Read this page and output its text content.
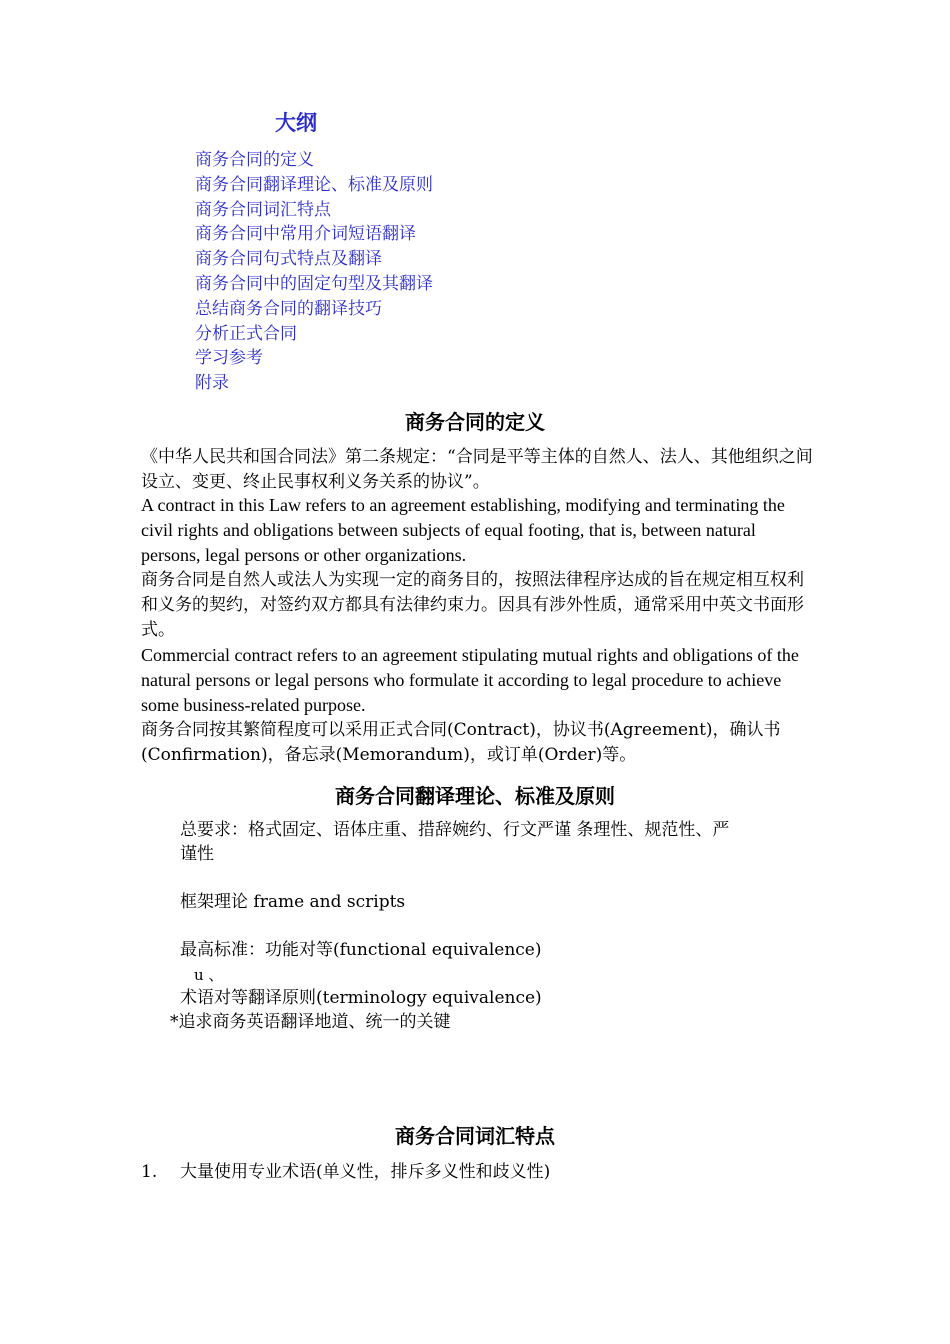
大纲
商务合同的定义
商务合同翻译理论、标准及原则
商务合同词汇特点
商务合同中常用介词短语翻译
商务合同句式特点及翻译
商务合同中的固定句型及其翻译
总结商务合同的翻译技巧
分析正式合同
学习参考
附录
商务合同的定义

《中华人民共和国合同法》第二条规定：“合同是平等主体的自然人、法人、其他组织之间设立、变更、终止民事权利义务关系的协议”。

A contract in this Law refers to an agreement establishing, modifying and terminating the civil rights and obligations between subjects of equal footing, that is, between natural persons, legal persons or other organizations.

商务合同是自然人或法人为实现一定的商务目的，按照法律程序达成的旨在规定相互权利和义务的契约，对签约双方都具有法律约束力。因具有涉外性质，通常采用中英文书面形式。

Commercial contract refers to an agreement stipulating mutual rights and obligations of the natural persons or legal persons who formulate it according to legal procedure to achieve some business-related purpose.

商务合同按其繁简程度可以采用正式合同(Contract)，协议书(Agreement)，确认书(Confirmation)，备忘录(Memorandum)，或订单(Order)等。

商务合同翻译理论、标准及原则

总要求：格式固定、语体庄重、措辞婉约、行文严谨 条理性、规范性、严

谨性

框架理论 frame and scripts

最高标准：功能对等(functional equivalence)

u 、

术语对等翻译原则(terminology equivalence)

*追求商务英语翻译地道、统一的关键

商务合同词汇特点

1. 大量使用专业术语(单义性，排斥多义性和歧义性)
